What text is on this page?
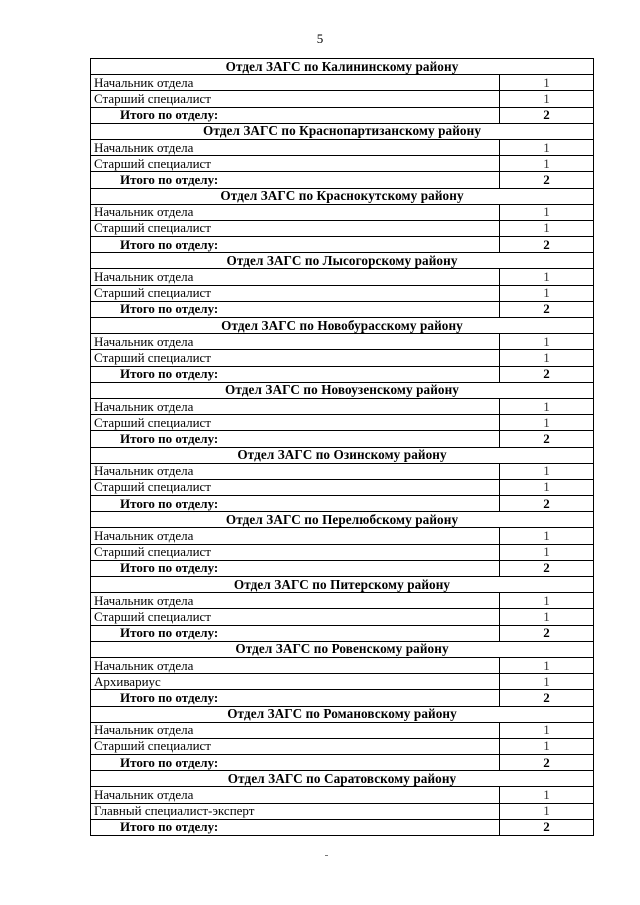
5
Отдел ЗАГС по Калининскому району	
Начальник отдела	1
Старший специалист	1
Итого по отделу:	2
Отдел ЗАГС по Краснопартизанскому району	
Начальник отдела	1
Старший специалист	1
Итого по отделу:	2
Отдел ЗАГС по Краснокутскому району	
Начальник отдела	1
Старший специалист	1
Итого по отделу:	2
Отдел ЗАГС по Лысогорскому району	
Начальник отдела	1
Старший специалист	1
Итого по отделу:	2
Отдел ЗАГС по Новобурасскому району	
Начальник отдела	1
Старший специалист	1
Итого по отделу:	2
Отдел ЗАГС по Новоузенскому району	
Начальник отдела	1
Старший специалист	1
Итого по отделу:	2
Отдел ЗАГС по Озинскому району	
Начальник отдела	1
Старший специалист	1
Итого по отделу:	2
Отдел ЗАГС по Перелюбскому району	
Начальник отдела	1
Старший специалист	1
Итого по отделу:	2
Отдел ЗАГС по Питерскому району	
Начальник отдела	1
Старший специалист	1
Итого по отделу:	2
Отдел ЗАГС по Ровенскому району	
Начальник отдела	1
Архивариус	1
Итого по отделу:	2
Отдел ЗАГС по Романовскому району	
Начальник отдела	1
Старший специалист	1
Итого по отделу:	2
Отдел ЗАГС по Саратовскому району	
Начальник отдела	1
Главный специалист-эксперт	1
Итого по отделу:	2
